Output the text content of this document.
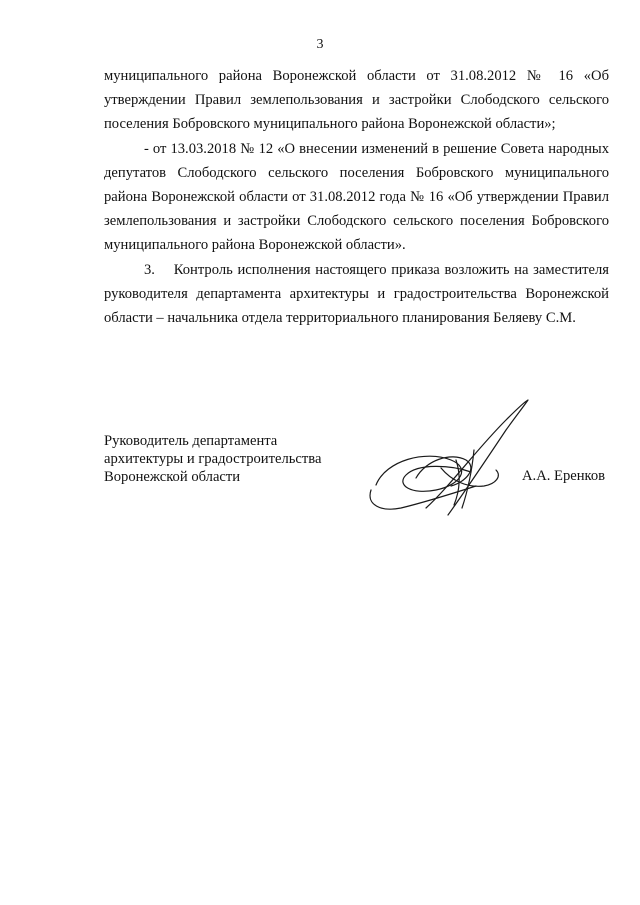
3

муниципального района Воронежской области от 31.08.2012 № 16 «Об утверждении Правил землепользования и застройки Слободского сельского поселения Бобровского муниципального района Воронежской области»;

- от 13.03.2018 № 12 «О внесении изменений в решение Совета народных депутатов Слободского сельского поселения Бобровского муниципального района Воронежской области от 31.08.2012 года № 16 «Об утверждении Правил землепользования и застройки Слободского сельского поселения Бобровского муниципального района Воронежской области».

3.    Контроль исполнения настоящего приказа возложить на заместителя руководителя департамента архитектуры и градостроительства Воронежской области – начальника отдела территориального планирования Беляеву С.М.

Руководитель департамента
архитектуры и градостроительства
Воронежской области	А.А. Еренков
